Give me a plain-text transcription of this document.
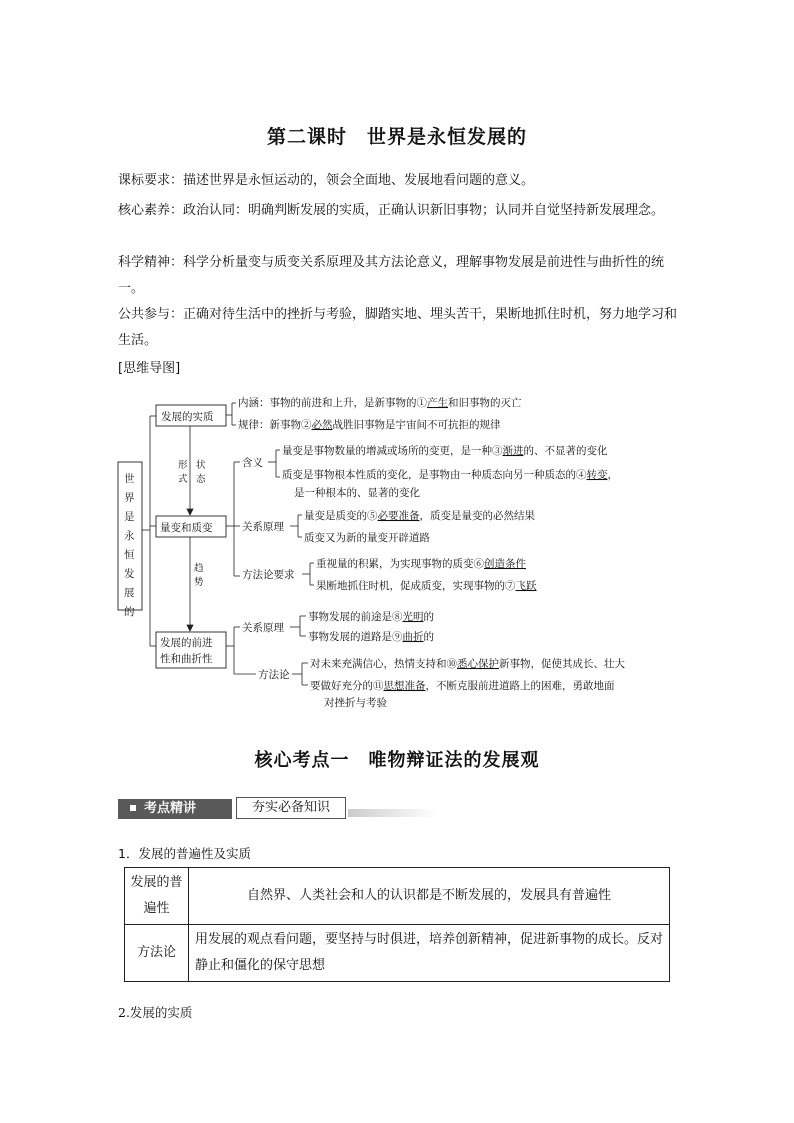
第二课时　世界是永恒发展的
课标要求：描述世界是永恒运动的，领会全面地、发展地看问题的意义。
核心素养：政治认同：明确判断发展的实质，正确认识新旧事物；认同并自觉坚持新发展理念。
科学精神：科学分析量变与质变关系原理及其方法论意义，理解事物发展是前进性与曲折性的统一。
公共参与：正确对待生活中的挫折与考验，脚踏实地、埋头苦干，果断地抓住时机，努力地学习和生活。
[思维导图]
世 界 是 永 恒 发 展 的
发展的实质
量变和质变
发展的前进
性和曲折性
形
式
状
态
趋
势
内涵：事物的前进和上升，是新事物的①产生和旧事物的灭亡
规律：新事物②必然战胜旧事物是宇宙间不可抗拒的规律
含义
量变是事物数量的增减或场所的变更，是一种③渐进的、不显著的变化
质变是事物根本性质的变化，是事物由一种质态向另一种质态的④转变，
是一种根本的、显著的变化
关系原理
量变是质变的⑤必要准备，质变是量变的必然结果
质变又为新的量变开辟道路
方法论要求
重视量的积累，为实现事物的质变⑥创造条件
果断地抓住时机，促成质变，实现事物的⑦飞跃
关系原理
事物发展的前途是⑧光明的
事物发展的道路是⑨曲折的
方法论
对未来充满信心，热情支持和⑩悉心保护新事物，促使其成长、壮大
要做好充分的⑪思想准备，不断克服前进道路上的困难，勇敢地面
对挫折与考验
核心考点一　唯物辩证法的发展观
考点精讲	夯实必备知识
1．发展的普遍性及实质
发展的普遍性	自然界、人类社会和人的认识都是不断发展的，发展具有普遍性
方法论	用发展的观点看问题，要坚持与时俱进，培养创新精神，促进新事物的成长。反对静止和僵化的保守思想
2.发展的实质
